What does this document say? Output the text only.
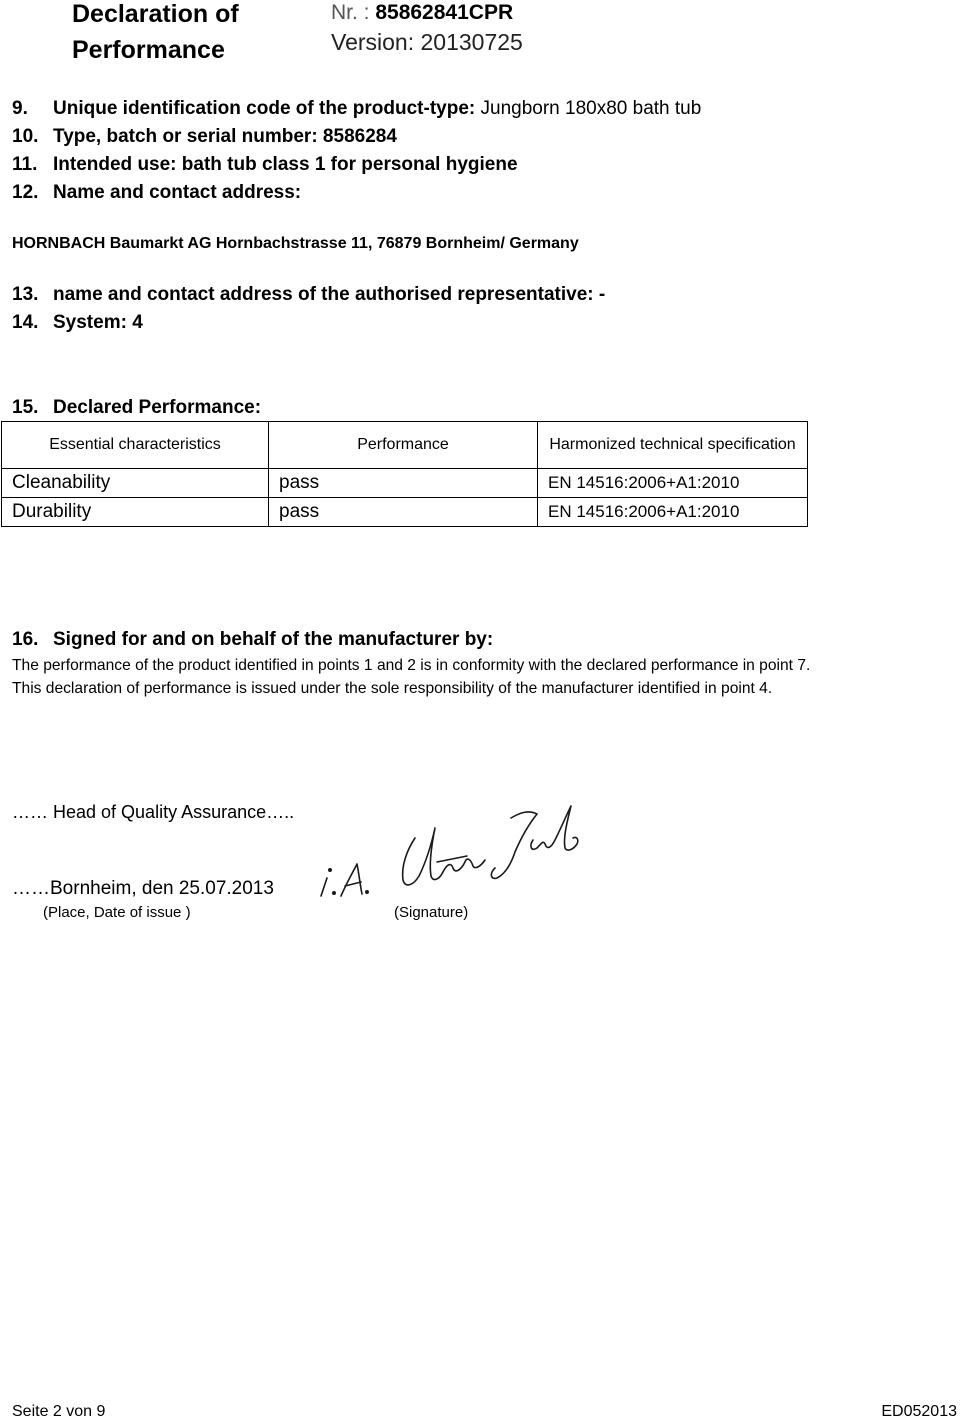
Declaration of
Performance
Nr. : 85862841CPR
Version: 20130725
9. Unique identification code of the product-type: Jungborn 180x80 bath tub
10. Type, batch or serial number: 8586284
11. Intended use: bath tub class 1 for personal hygiene
12. Name and contact address:
HORNBACH Baumarkt AG Hornbachstrasse 11, 76879 Bornheim/ Germany
13. name and contact address of the authorised representative: -
14. System: 4
15. Declared Performance:
Essential characteristics	Performance	Harmonized technical specification
Cleanability	pass	EN 14516:2006+A1:2010
Durability	pass	EN 14516:2006+A1:2010
16. Signed for and on behalf of the manufacturer by:
The performance of the product identified in points 1 and 2 is in conformity with the declared performance in point 7.
This declaration of performance is issued under the sole responsibility of the manufacturer identified in point 4.
…… Head of Quality Assurance…..
……Bornheim, den 25.07.2013
(Place, Date of issue )	(Signature)
i.A. Andreas Jade
Seite 2 von 9	ED052013
